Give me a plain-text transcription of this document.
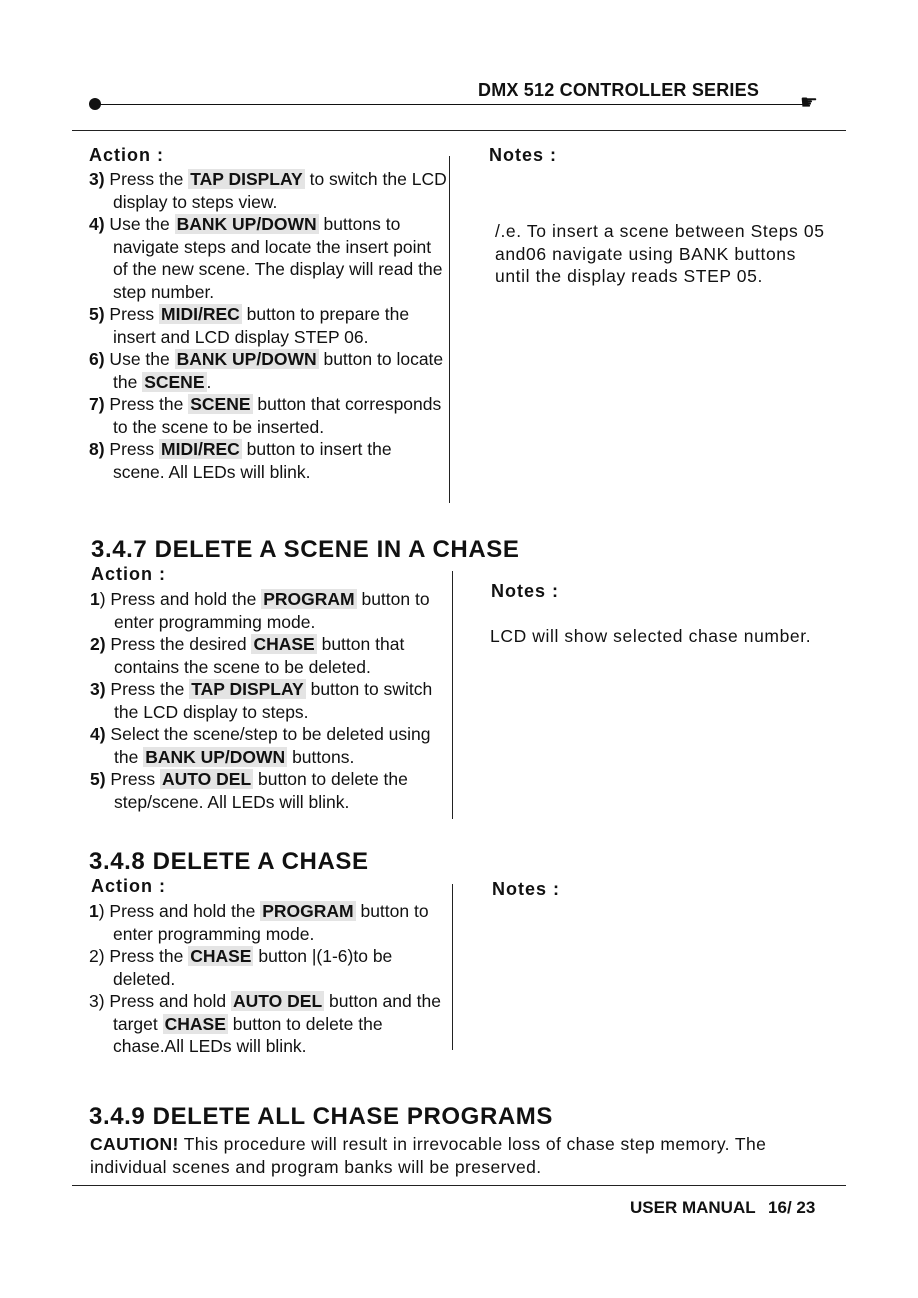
DMX 512 CONTROLLER SERIES
☛
Action :	Notes :

3) Press the TAP DISPLAY to switch the LCD display to steps view.

4) Use the BANK UP/DOWN buttons to navigate steps and locate the insert point of the new scene. The display will read the step number.

5) Press MIDI/REC button to prepare the insert and LCD display STEP 06.

6) Use the BANK UP/DOWN button to locate the SCENE .

7) Press the SCENE button that corresponds to the scene to be inserted.

8) Press MIDI/REC button to insert the scene. All LEDs will blink.

/.e. To insert a scene between Steps 05 and06 navigate using BANK buttons until the display reads STEP 05.
3.4.7 DELETE A SCENE IN A CHASE
Action :
Notes :

1) Press and hold the PROGRAM button to enter programming mode.

2) Press the desired CHASE button that contains the scene to be deleted.

3) Press the TAP DISPLAY button to switch the LCD display to steps.

4) Select the scene/step to be deleted using the BANK UP/DOWN buttons.

5) Press AUTO DEL button to delete the step/scene. All LEDs will blink.

LCD will show selected chase number.
3.4.8 DELETE A CHASE
Action :	Notes :

1) Press and hold the PROGRAM button to enter programming mode.

2) Press the CHASE button |(1-6)to be deleted.

3) Press and hold AUTO DEL button and the target CHASE button to delete the chase.All LEDs will blink.

3.4.9 DELETE ALL CHASE PROGRAMS
CAUTION! This procedure will result in irrevocable loss of chase step memory. The individual scenes and program banks will be preserved.
USER MANUAL 16/ 23
